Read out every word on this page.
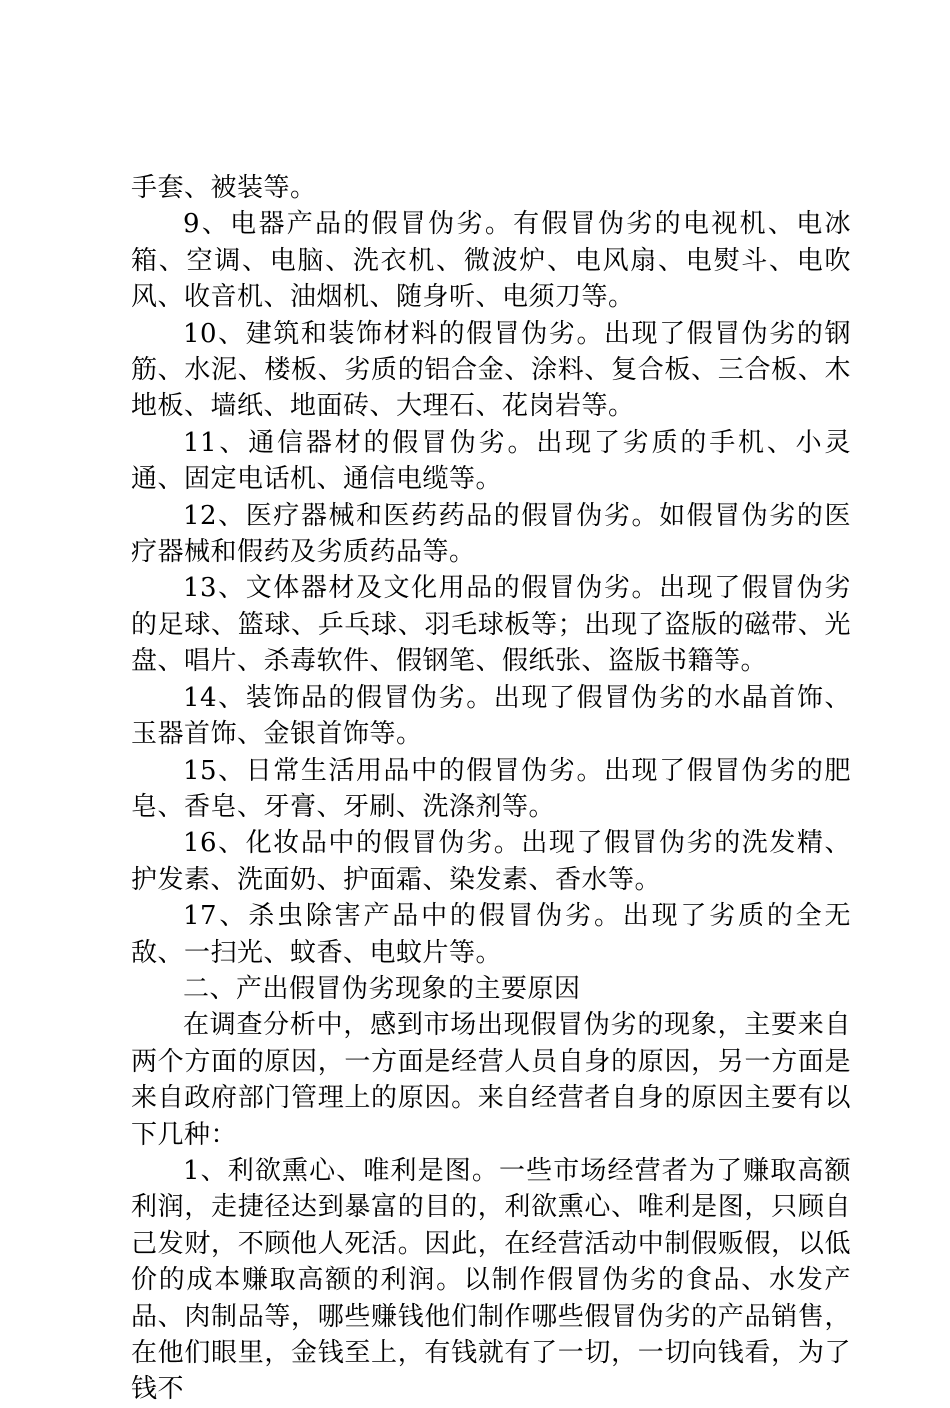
手套、被装等。

9、电器产品的假冒伪劣。有假冒伪劣的电视机、电冰箱、空调、电脑、洗衣机、微波炉、电风扇、电熨斗、电吹风、收音机、油烟机、随身听、电须刀等。

10、建筑和装饰材料的假冒伪劣。出现了假冒伪劣的钢筋、水泥、楼板、劣质的铝合金、涂料、复合板、三合板、木地板、墙纸、地面砖、大理石、花岗岩等。

11、通信器材的假冒伪劣。出现了劣质的手机、小灵通、固定电话机、通信电缆等。

12、医疗器械和医药药品的假冒伪劣。如假冒伪劣的医疗器械和假药及劣质药品等。

13、文体器材及文化用品的假冒伪劣。出现了假冒伪劣的足球、篮球、乒乓球、羽毛球板等；出现了盗版的磁带、光盘、唱片、杀毒软件、假钢笔、假纸张、盗版书籍等。

14、装饰品的假冒伪劣。出现了假冒伪劣的水晶首饰、玉器首饰、金银首饰等。

15、日常生活用品中的假冒伪劣。出现了假冒伪劣的肥皂、香皂、牙膏、牙刷、洗涤剂等。

16、化妆品中的假冒伪劣。出现了假冒伪劣的洗发精、护发素、洗面奶、护面霜、染发素、香水等。

17、杀虫除害产品中的假冒伪劣。出现了劣质的全无敌、一扫光、蚊香、电蚊片等。

二、产出假冒伪劣现象的主要原因

在调查分析中，感到市场出现假冒伪劣的现象，主要来自两个方面的原因，一方面是经营人员自身的原因，另一方面是来自政府部门管理上的原因。来自经营者自身的原因主要有以下几种：

1、利欲熏心、唯利是图。一些市场经营者为了赚取高额利润，走捷径达到暴富的目的，利欲熏心、唯利是图，只顾自己发财，不顾他人死活。因此，在经营活动中制假贩假，以低价的成本赚取高额的利润。以制作假冒伪劣的食品、水发产品、肉制品等，哪些赚钱他们制作哪些假冒伪劣的产品销售，在他们眼里，金钱至上，有钱就有了一切，一切向钱看，为了钱不
